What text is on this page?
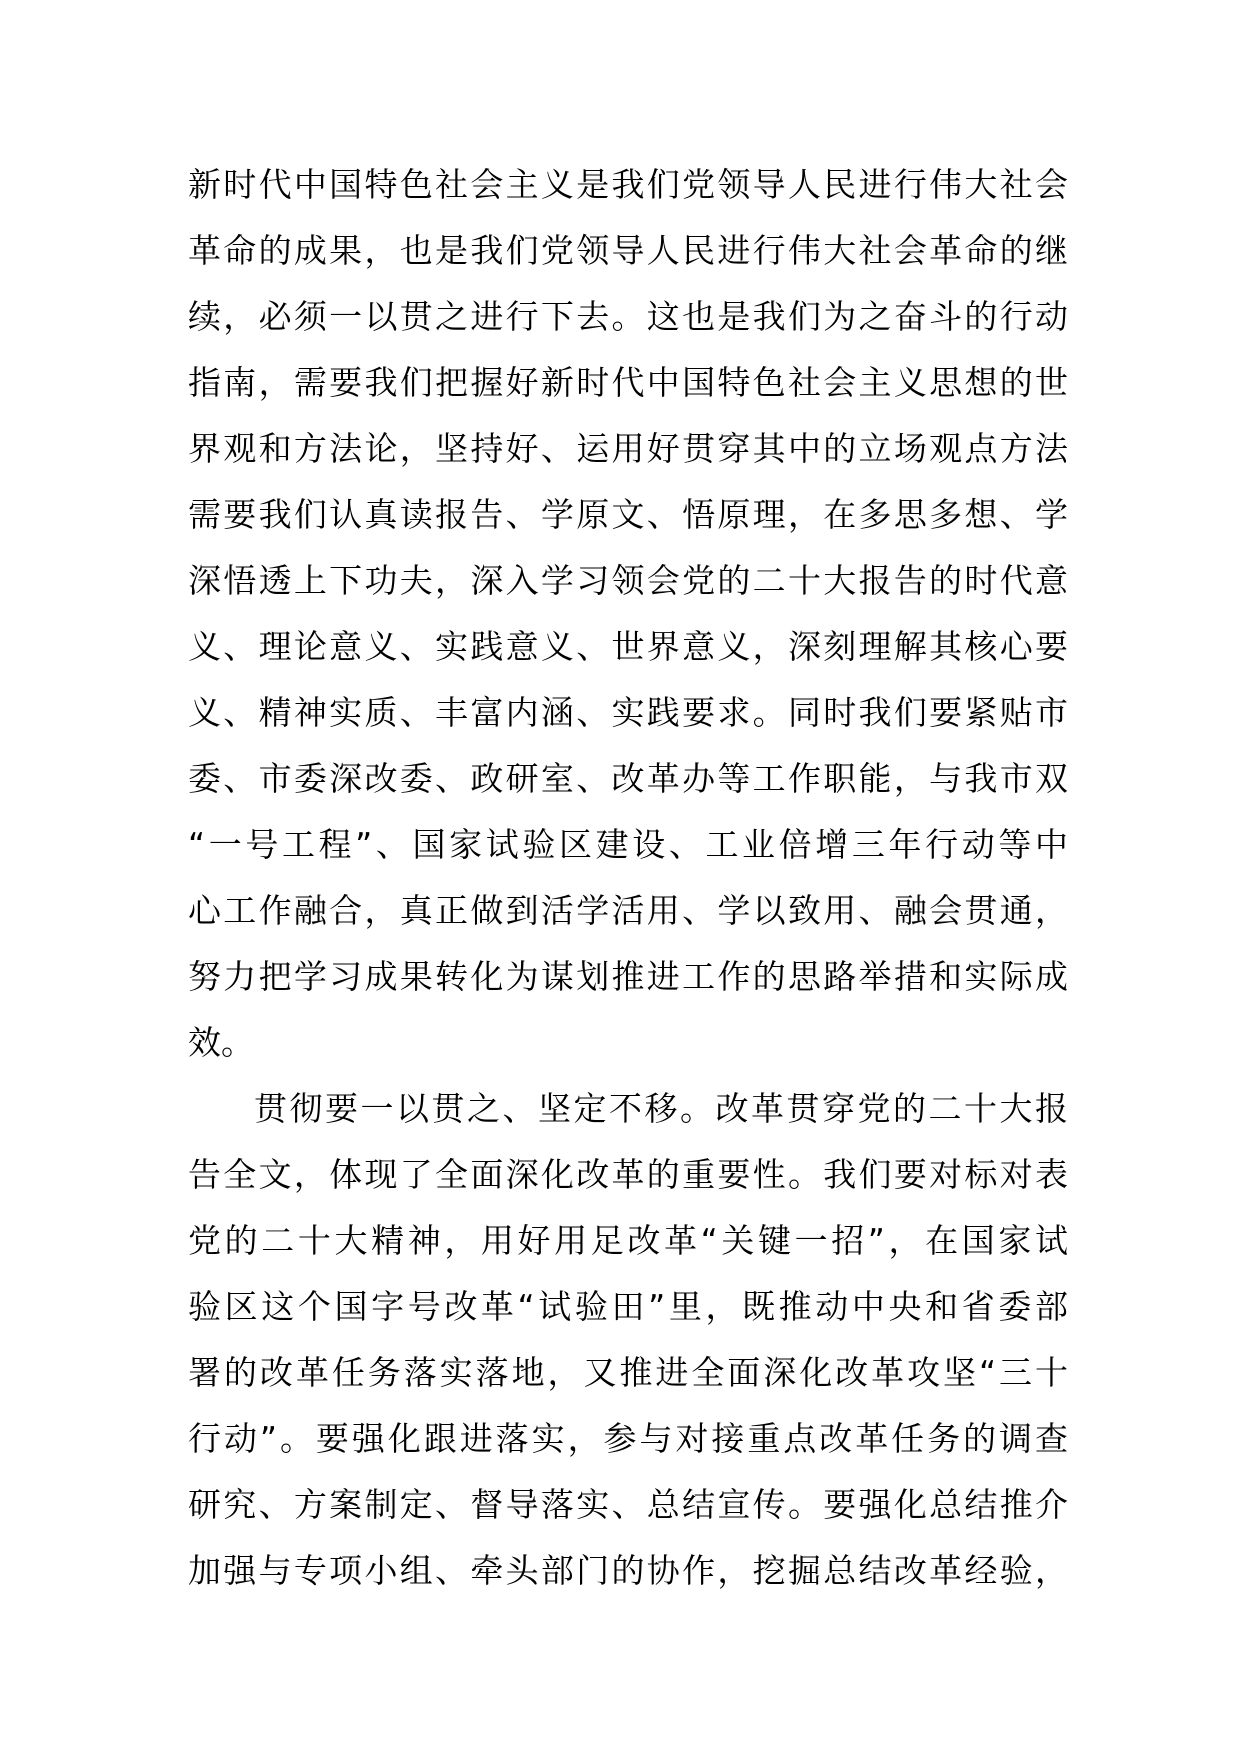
新时代中国特色社会主义是我们党领导人民进行伟大社会
革命的成果，也是我们党领导人民进行伟大社会革命的继
续，必须一以贯之进行下去。这也是我们为之奋斗的行动
指南，需要我们把握好新时代中国特色社会主义思想的世
界观和方法论，坚持好、运用好贯穿其中的立场观点方法
需要我们认真读报告、学原文、悟原理，在多思多想、学
深悟透上下功夫，深入学习领会党的二十大报告的时代意
义、理论意义、实践意义、世界意义，深刻理解其核心要
义、精神实质、丰富内涵、实践要求。同时我们要紧贴市
委、市委深改委、政研室、改革办等工作职能，与我市双
“一号工程”、国家试验区建设、工业倍增三年行动等中
心工作融合，真正做到活学活用、学以致用、融会贯通，
努力把学习成果转化为谋划推进工作的思路举措和实际成
效。
贯彻要一以贯之、坚定不移。改革贯穿党的二十大报
告全文，体现了全面深化改革的重要性。我们要对标对表
党的二十大精神，用好用足改革“关键一招”，在国家试
验区这个国字号改革“试验田”里，既推动中央和省委部
署的改革任务落实落地，又推进全面深化改革攻坚“三十
行动”。要强化跟进落实，参与对接重点改革任务的调查
研究、方案制定、督导落实、总结宣传。要强化总结推介
加强与专项小组、牵头部门的协作，挖掘总结改革经验，
